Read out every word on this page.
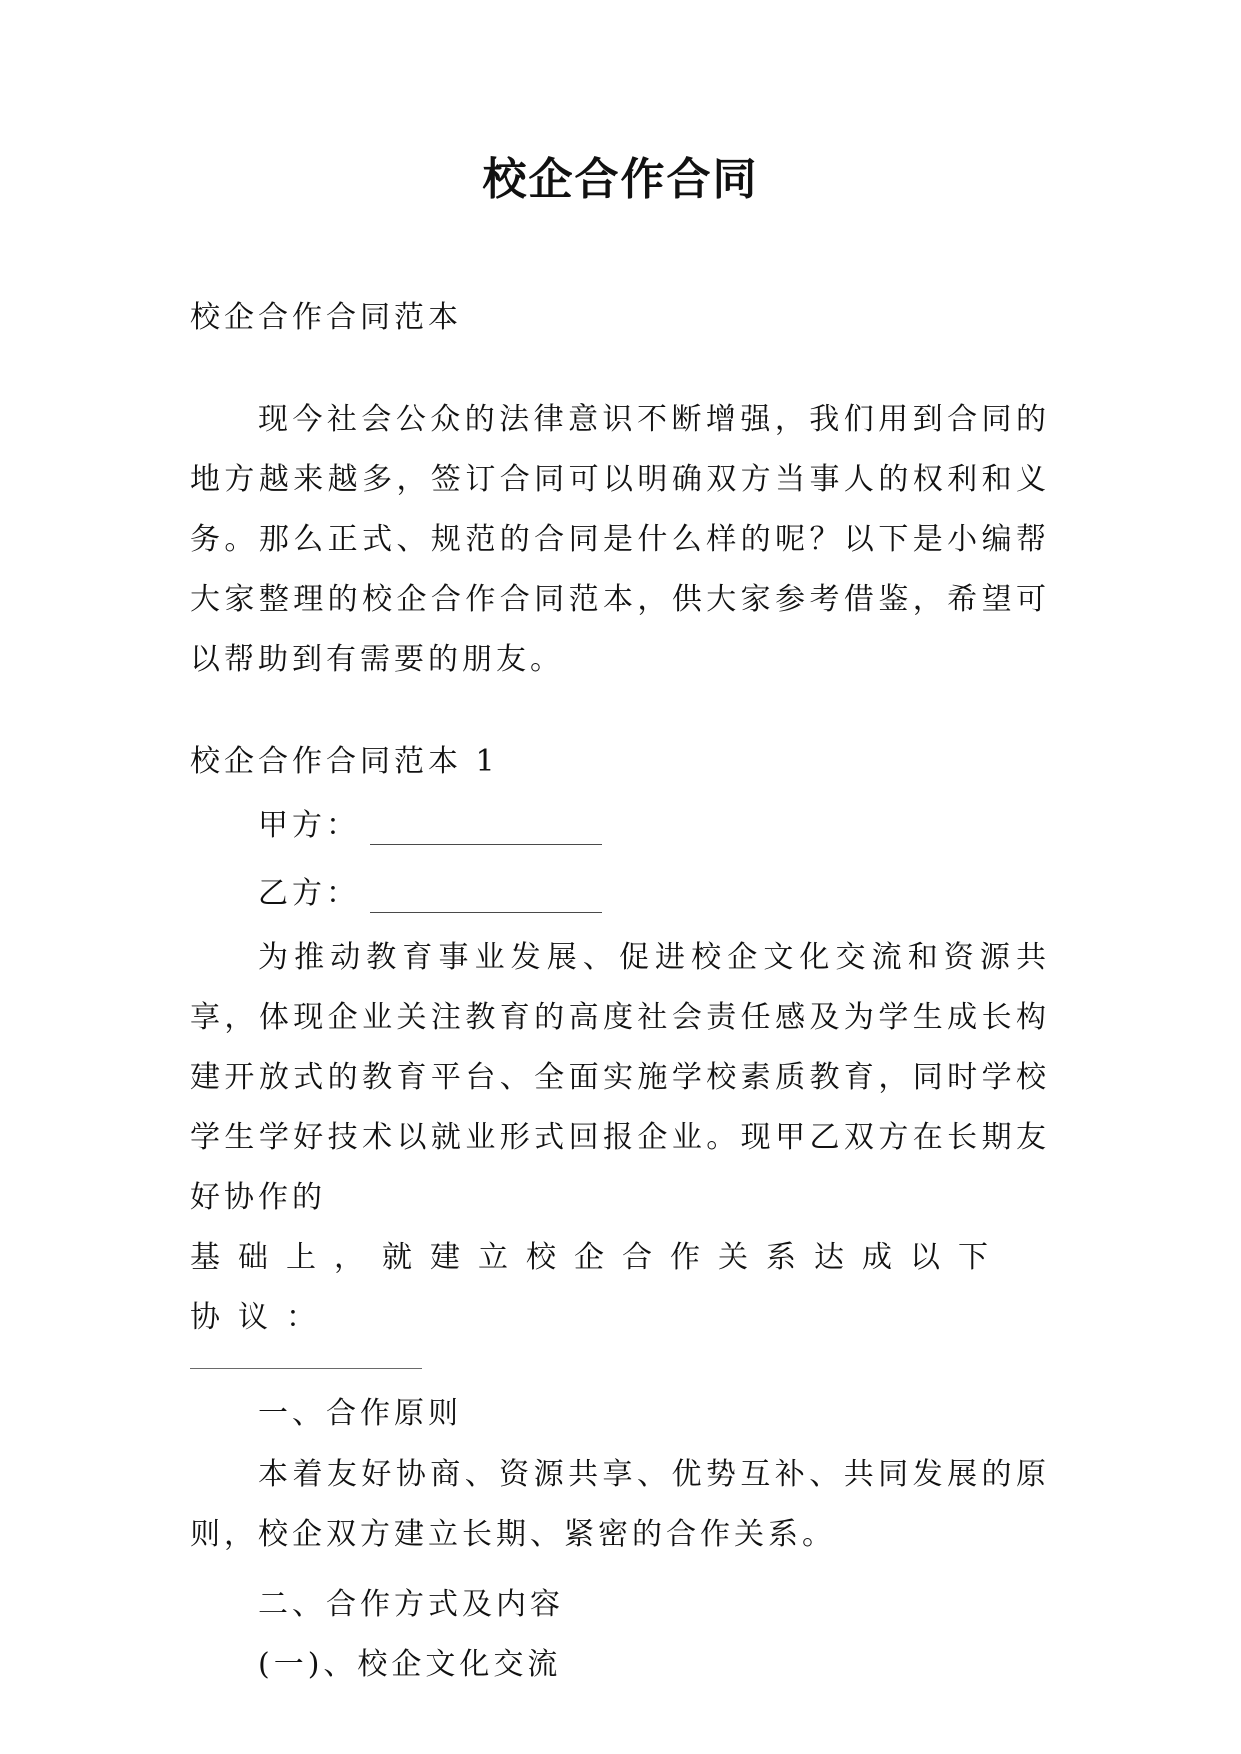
校企合作合同

校企合作合同范本

现今社会公众的法律意识不断增强，我们用到合同的地方越来越多，签订合同可以明确双方当事人的权利和义务。那么正式、规范的合同是什么样的呢？以下是小编帮大家整理的校企合作合同范本，供大家参考借鉴，希望可以帮助到有需要的朋友。

校企合作合同范本 1

甲方：

乙方：

为推动教育事业发展、促进校企文化交流和资源共享，体现企业关注教育的高度社会责任感及为学生成长构建开放式的教育平台、全面实施学校素质教育，同时学校学生学好技术以就业形式回报企业。现甲乙双方在长期友好协作的

基础上，就建立校企合作关系达成以下协议：

一、合作原则

本着友好协商、资源共享、优势互补、共同发展的原则，校企双方建立长期、紧密的合作关系。

二、合作方式及内容

(一)、校企文化交流
